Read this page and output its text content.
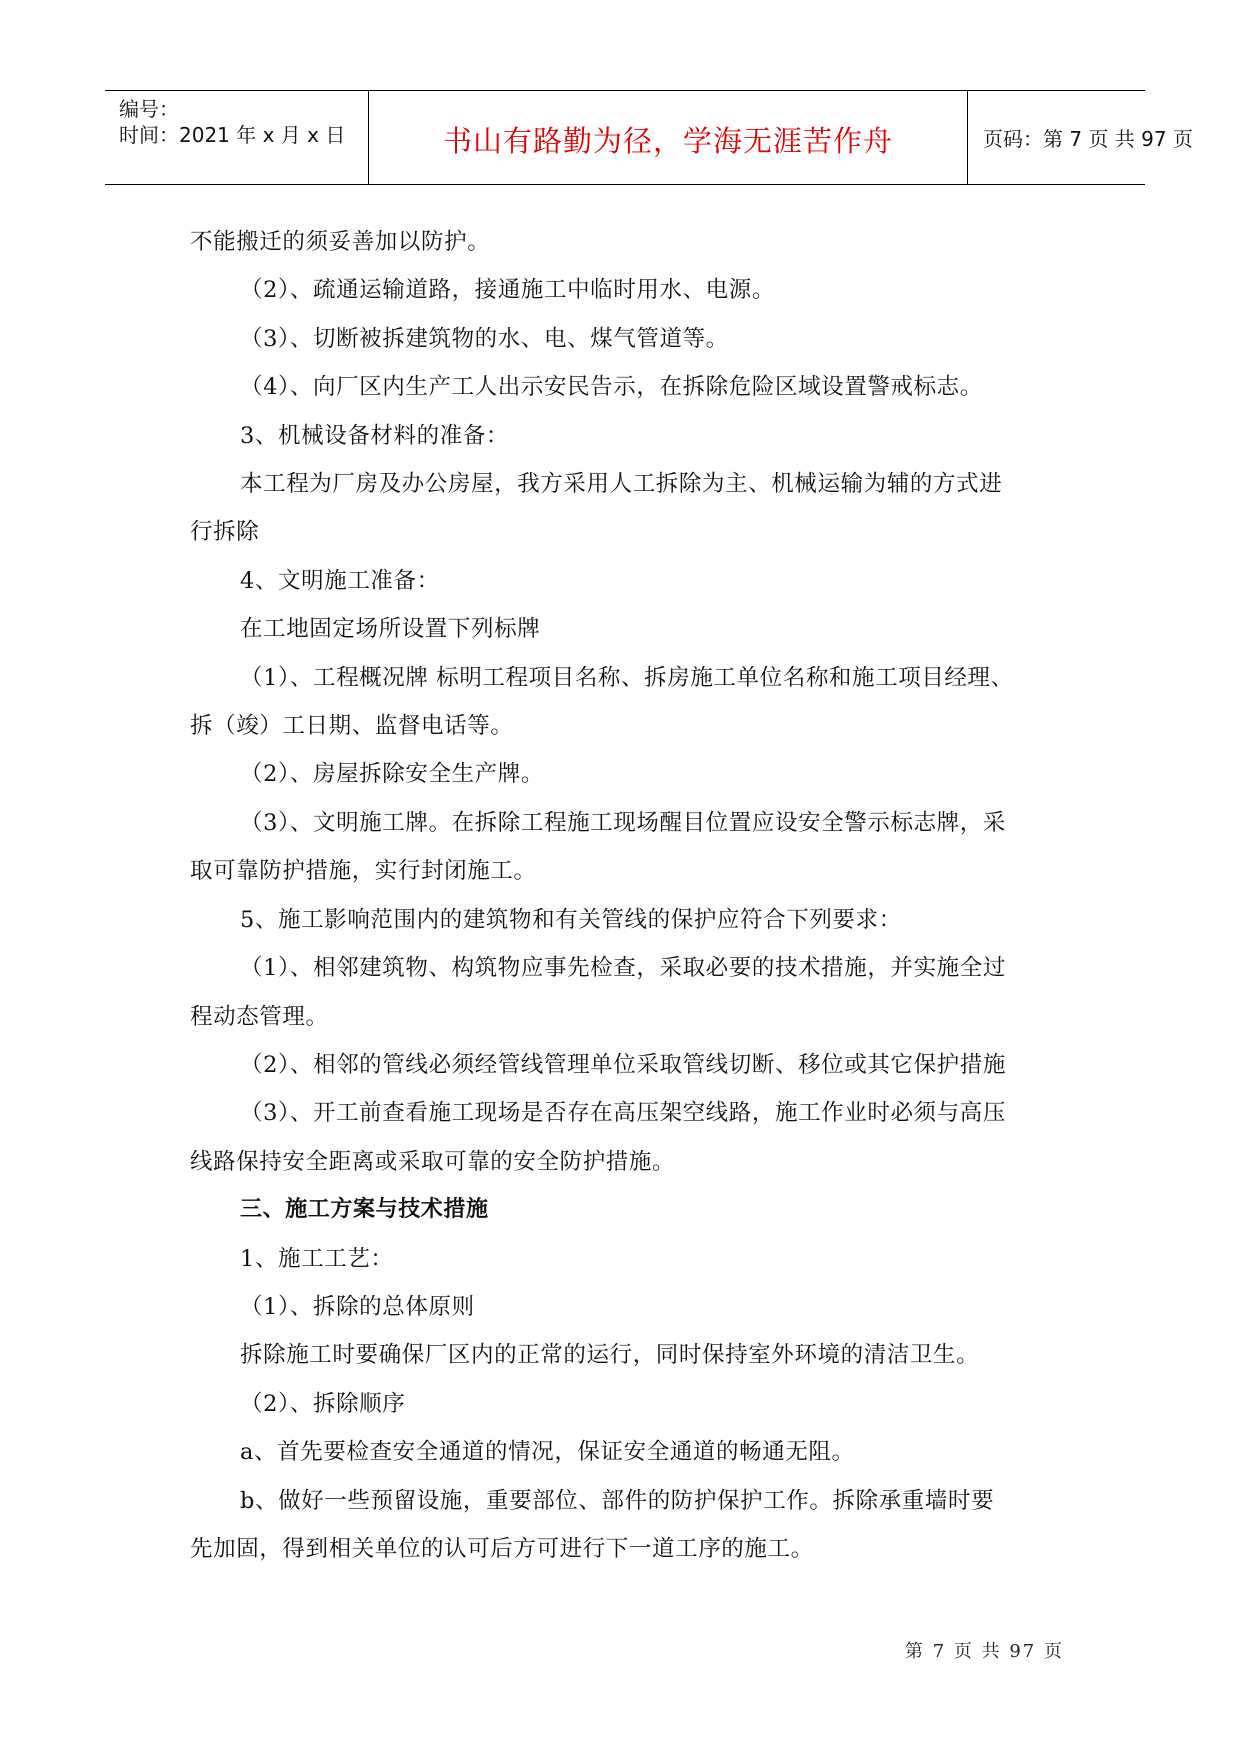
编号：
时间：2021 年 x 月 x 日	书山有路勤为径，学海无涯苦作舟	页码：第 7 页 共 97 页

不能搬迁的须妥善加以防护。

（2）、疏通运输道路，接通施工中临时用水、电源。

（3）、切断被拆建筑物的水、电、煤气管道等。

（4）、向厂区内生产工人出示安民告示，在拆除危险区域设置警戒标志。

3、机械设备材料的准备：

本工程为厂房及办公房屋，我方采用人工拆除为主、机械运输为辅的方式进

行拆除

4、文明施工准备：

在工地固定场所设置下列标牌

（1）、工程概况牌 标明工程项目名称、拆房施工单位名称和施工项目经理、

拆（竣）工日期、监督电话等。

（2）、房屋拆除安全生产牌。

（3）、文明施工牌。在拆除工程施工现场醒目位置应设安全警示标志牌，采

取可靠防护措施，实行封闭施工。

5、施工影响范围内的建筑物和有关管线的保护应符合下列要求：

（1）、相邻建筑物、构筑物应事先检查，采取必要的技术措施，并实施全过

程动态管理。

（2）、相邻的管线必须经管线管理单位采取管线切断、移位或其它保护措施

（3）、开工前查看施工现场是否存在高压架空线路，施工作业时必须与高压

线路保持安全距离或采取可靠的安全防护措施。

三、施工方案与技术措施

1、施工工艺：

（1）、拆除的总体原则

拆除施工时要确保厂区内的正常的运行，同时保持室外环境的清洁卫生。

（2）、拆除顺序

a、首先要检查安全通道的情况，保证安全通道的畅通无阻。

b、做好一些预留设施，重要部位、部件的防护保护工作。拆除承重墙时要

先加固，得到相关单位的认可后方可进行下一道工序的施工。

第 7 页 共 97 页
